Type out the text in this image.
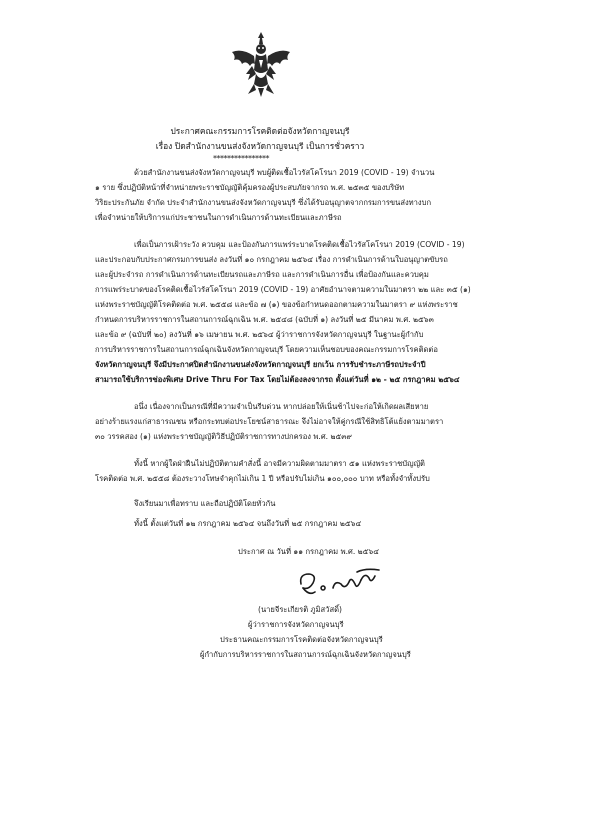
ประกาศคณะกรรมการโรคติดต่อจังหวัดกาญจนบุรี
เรื่อง ปิดสำนักงานขนส่งจังหวัดกาญจนบุรี เป็นการชั่วคราว
****************
ด้วยสำนักงานขนส่งจังหวัดกาญจนบุรี พบผู้ติดเชื้อไวรัสโคโรนา 2019 (COVID - 19) จำนวน
๑ ราย ซึ่งปฏิบัติหน้าที่จำหน่ายพระราชบัญญัติคุ้มครองผู้ประสบภัยจากรถ พ.ศ. ๒๕๓๕ ของบริษัท
วิริยะประกันภัย จำกัด ประจำสำนักงานขนส่งจังหวัดกาญจนบุรี ซึ่งได้รับอนุญาตจากกรมการขนส่งทางบก
เพื่อจำหน่ายให้บริการแก่ประชาชนในการดำเนินการด้านทะเบียนและภาษีรถ
เพื่อเป็นการเฝ้าระวัง ควบคุม และป้องกันการแพร่ระบาดโรคติดเชื้อไวรัสโคโรนา 2019 (COVID - 19)
และประกอบกับประกาศกรมการขนส่ง ลงวันที่ ๑๐ กรกฎาคม ๒๕๖๔ เรื่อง การดำเนินการด้านใบอนุญาตขับรถ
และผู้ประจำรถ การดำเนินการด้านทะเบียนรถและภาษีรถ และการดำเนินการอื่น เพื่อป้องกันและควบคุม
การแพร่ระบาดของโรคติดเชื้อไวรัสโคโรนา 2019 (COVID - 19) อาศัยอำนาจตามความในมาตรา ๒๒ และ ๓๕ (๑)
แห่งพระราชบัญญัติโรคติดต่อ พ.ศ. ๒๕๕๘ และข้อ ๗ (๑) ของข้อกำหนดออกตามความในมาตรา ๙ แห่งพระราช
กำหนดการบริหารราชการในสถานการณ์ฉุกเฉิน พ.ศ. ๒๕๔๘ (ฉบับที่ ๑) ลงวันที่ ๒๕ มีนาคม พ.ศ. ๒๕๖๓
และข้อ ๙ (ฉบับที่ ๒๐) ลงวันที่ ๑๖ เมษายน พ.ศ. ๒๕๖๔ ผู้ว่าราชการจังหวัดกาญจนบุรี ในฐานะผู้กำกับ
การบริหารราชการในสถานการณ์ฉุกเฉินจังหวัดกาญจนบุรี โดยความเห็นชอบของคณะกรรมการโรคติดต่อ
จังหวัดกาญจนบุรี จึงมีประกาศปิดสำนักงานขนส่งจังหวัดกาญจนบุรี ยกเว้น การรับชำระภาษีรถประจำปี
สามารถใช้บริการช่องพิเศษ Drive Thru For Tax โดยไม่ต้องลงจากรถ ตั้งแต่วันที่ ๑๒ - ๒๕ กรกฎาคม ๒๕๖๔
อนึ่ง เนื่องจากเป็นกรณีที่มีความจำเป็นรีบด่วน หากปล่อยให้เนิ่นช้าไปจะก่อให้เกิดผลเสียหาย
อย่างร้ายแรงแก่สาธารณชน หรือกระทบต่อประโยชน์สาธารณะ จึงไม่อาจให้คู่กรณีใช้สิทธิโต้แย้งตามมาตรา
๓๐ วรรคสอง (๑) แห่งพระราชบัญญัติวิธีปฏิบัติราชการทางปกครอง พ.ศ. ๒๕๓๙
ทั้งนี้ หากผู้ใดฝ่าฝืนไม่ปฏิบัติตามคำสั่งนี้ อาจมีความผิดตามมาตรา ๕๑ แห่งพระราชบัญญัติ
โรคติดต่อ พ.ศ. ๒๕๕๘ ต้องระวางโทษจำคุกไม่เกิน 1 ปี หรือปรับไม่เกิน ๑๐๐,๐๐๐ บาท หรือทั้งจำทั้งปรับ
จึงเรียนมาเพื่อทราบ และถือปฏิบัติโดยทั่วกัน
ทั้งนี้ ตั้งแต่วันที่ ๑๒ กรกฎาคม ๒๕๖๔ จนถึงวันที่ ๒๕ กรกฎาคม ๒๕๖๔
ประกาศ ณ วันที่ ๑๑ กรกฎาคม พ.ศ. ๒๕๖๔
(นายจีระเกียรติ ภูมิสวัสดิ์)
ผู้ว่าราชการจังหวัดกาญจนบุรี
ประธานคณะกรรมการโรคติดต่อจังหวัดกาญจนบุรี
ผู้กำกับการบริหารราชการในสถานการณ์ฉุกเฉินจังหวัดกาญจนบุรี
